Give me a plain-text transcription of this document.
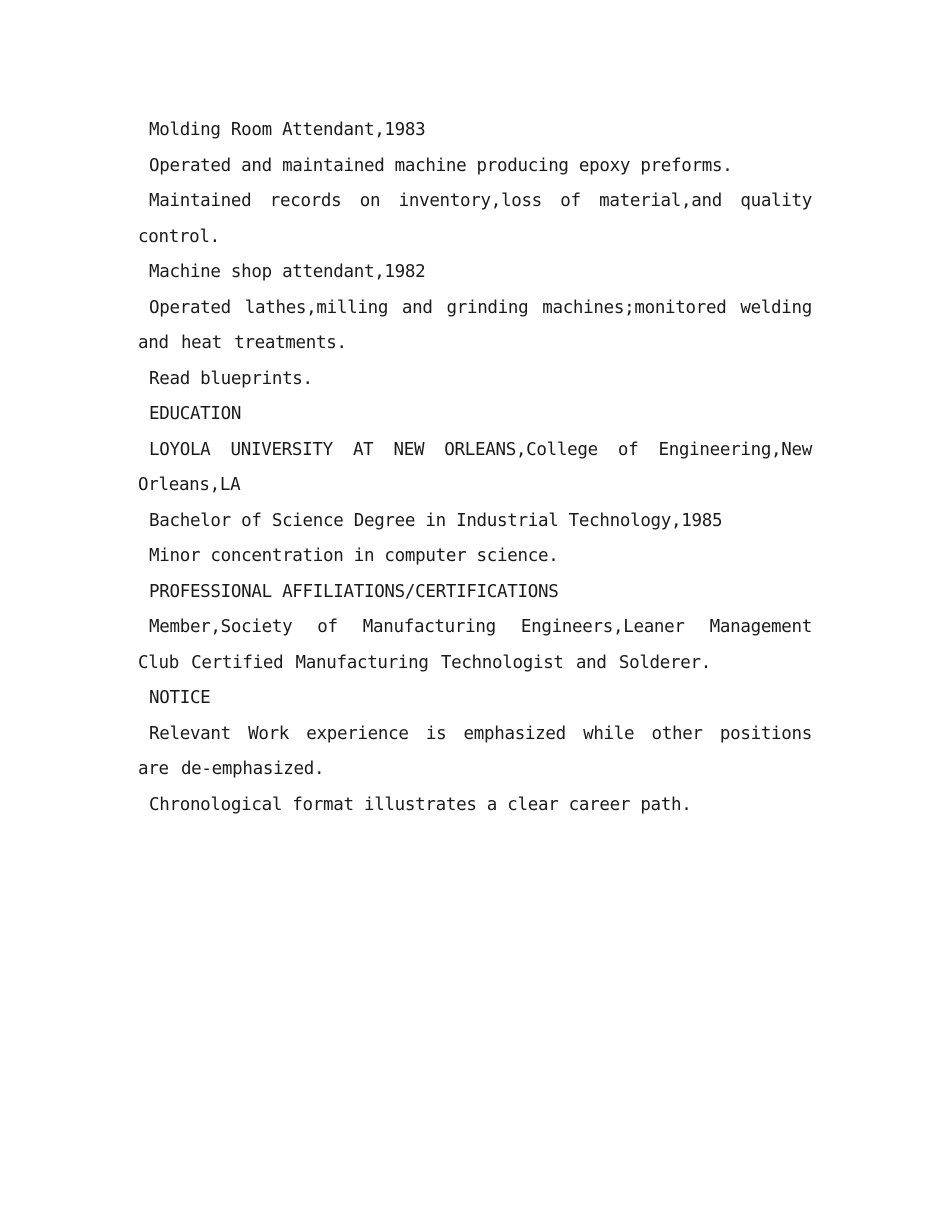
Molding Room Attendant,1983

Operated and maintained machine producing epoxy preforms.

Maintained records on inventory,loss of material,and quality control.

Machine shop attendant,1982

Operated lathes,milling and grinding machines;monitored welding and heat treatments.

Read blueprints.

EDUCATION

LOYOLA UNIVERSITY AT NEW ORLEANS,College of Engineering,New Orleans,LA

Bachelor of Science Degree in Industrial Technology,1985

Minor concentration in computer science.

PROFESSIONAL AFFILIATIONS/CERTIFICATIONS

Member,Society of Manufacturing Engineers,Leaner Management Club Certified Manufacturing Technologist and Solderer.

NOTICE

Relevant Work experience is emphasized while other positions are de-emphasized.

Chronological format illustrates a clear career path.
